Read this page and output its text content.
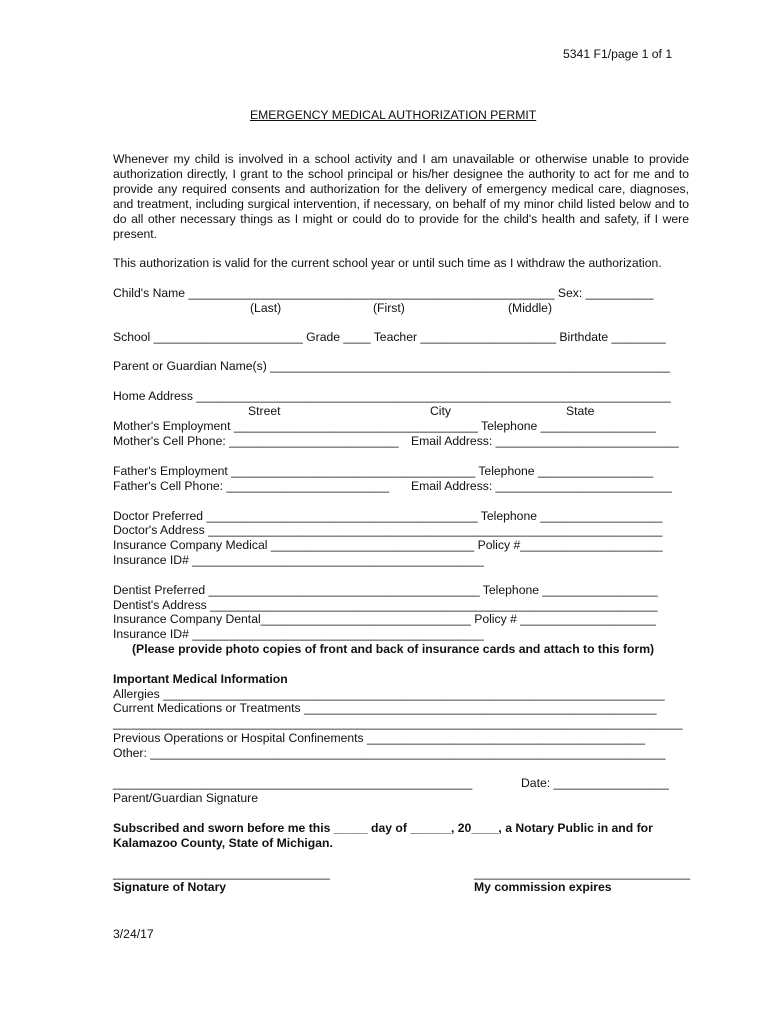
5341 F1/page 1 of 1
EMERGENCY MEDICAL AUTHORIZATION PERMIT
Whenever my child is involved in a school activity and I am unavailable or otherwise unable to provide authorization directly, I grant to the school principal or his/her designee the authority to act for me and to provide any required consents and authorization for the delivery of emergency medical care, diagnoses, and treatment, including surgical intervention, if necessary, on behalf of my minor child listed below and to do all other necessary things as I might or could do to provide for the child's health and safety, if I were present.
This authorization is valid for the current school year or until such time as I withdraw the authorization.
Child's Name ______________________________________________________ Sex: __________
(Last)	(First)	(Middle)
School ______________________ Grade ____ Teacher ____________________ Birthdate ________
Parent or Guardian Name(s) ___________________________________________________________
Home Address ______________________________________________________________________
Street	City	State
Mother's Employment ____________________________________ Telephone _________________
Mother's Cell Phone: _________________________ Email Address: ___________________________
Father's Employment ____________________________________ Telephone _________________
Father's Cell Phone: ________________________ Email Address: __________________________
Doctor Preferred ________________________________________ Telephone __________________
Doctor's Address ___________________________________________________________________
Insurance Company Medical ______________________________ Policy #_____________________
Insurance ID# ___________________________________________
Dentist Preferred ________________________________________ Telephone _________________
Dentist's Address __________________________________________________________________
Insurance Company Dental_______________________________ Policy # ____________________
Insurance ID# ___________________________________________
(Please provide photo copies of front and back of insurance cards and attach to this form)
Important Medical Information
Allergies __________________________________________________________________________
Current Medications or Treatments ____________________________________________________
____________________________________________________________________________________
Previous Operations or Hospital Confinements _________________________________________
Other: ____________________________________________________________________________
_____________________________________________________	Date: _________________
Parent/Guardian Signature
Subscribed and sworn before me this _____ day of ______, 20____, a Notary Public in and for
Kalamazoo County, State of Michigan.
________________________________	________________________________
Signature of Notary	My commission expires
3/24/17
